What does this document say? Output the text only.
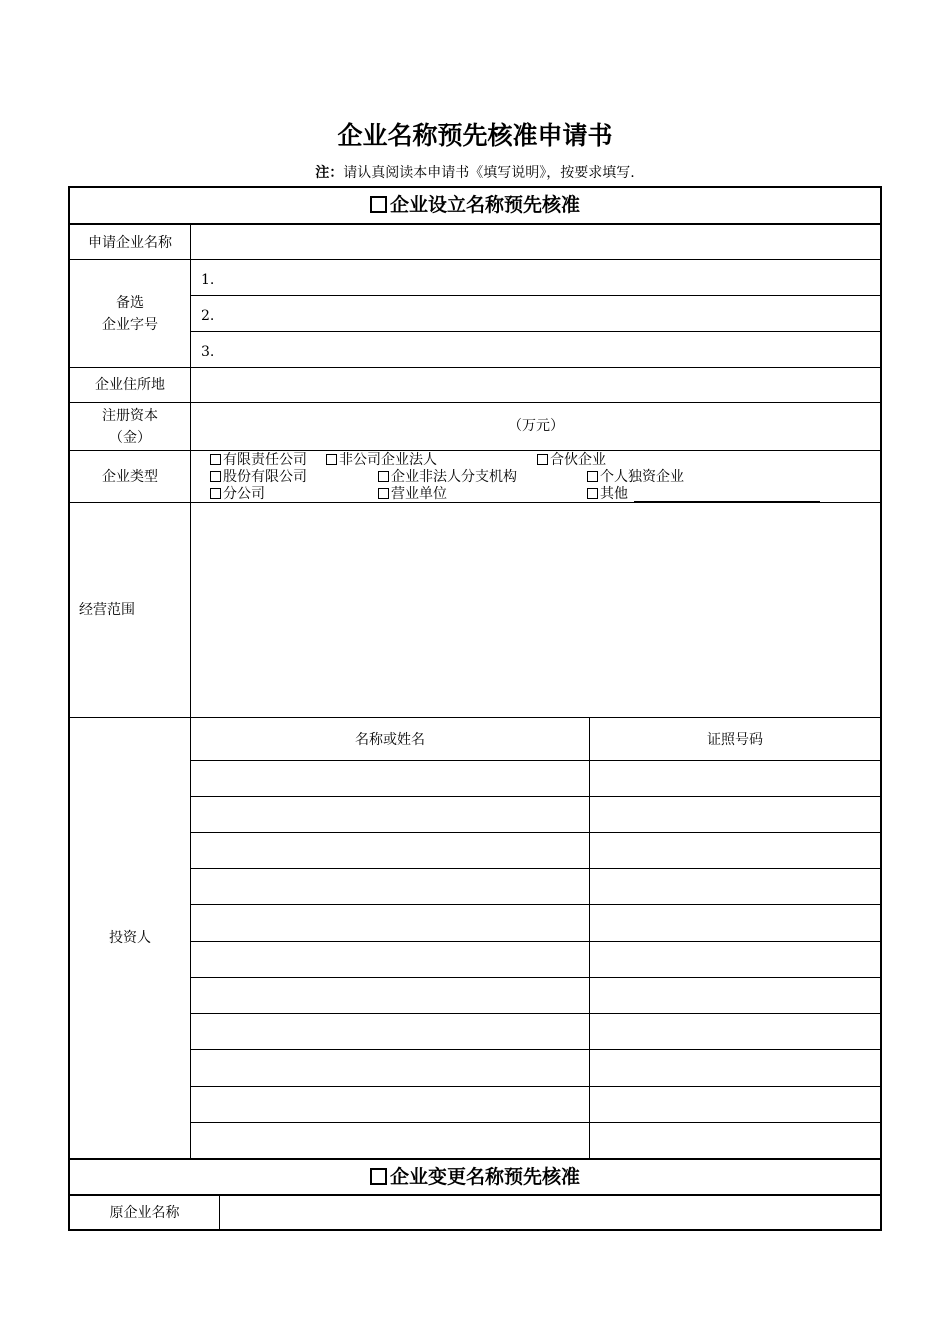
企业名称预先核准申请书
注：请认真阅读本申请书《填写说明》，按要求填写.
企业设立名称预先核准
申请企业名称
备选
企业字号
1.
2.
3.
企业住所地
注册资本
（金）
（万元）
企业类型
有限责任公司	非公司企业法人	合伙企业
股份有限公司	企业非法人分支机构	个人独资企业
分公司	营业单位	其他
经营范围
投资人
名称或姓名	证照号码
企业变更名称预先核准
原企业名称
